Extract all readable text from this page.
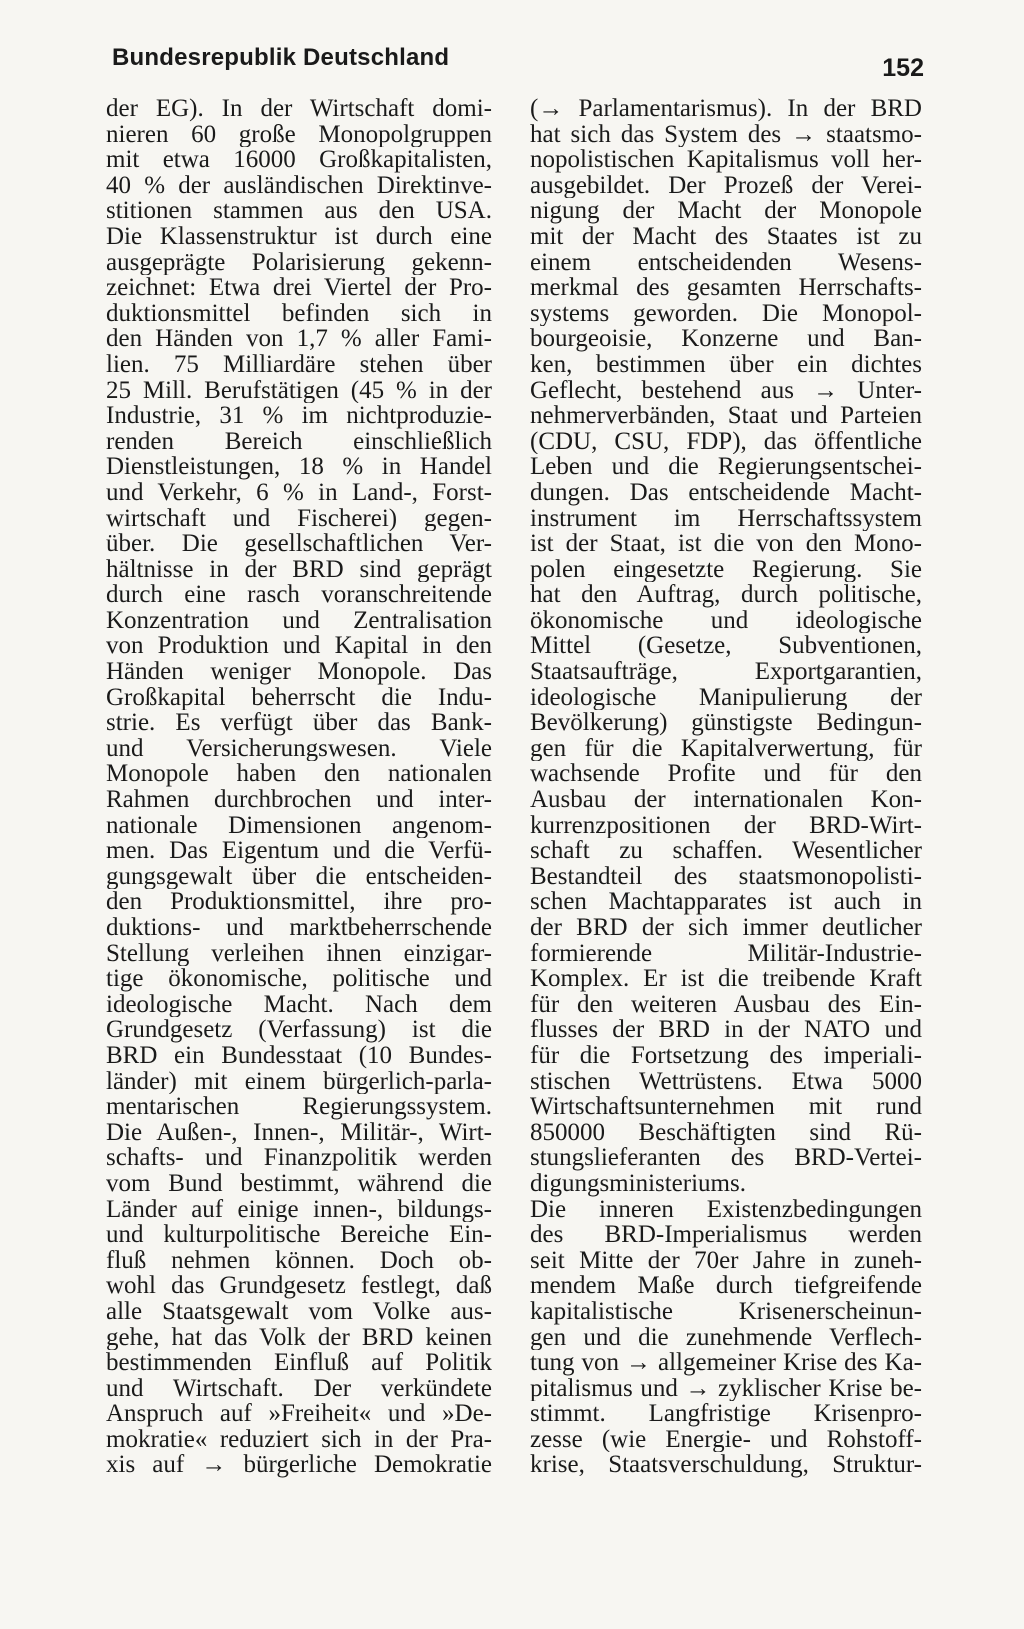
Bundesrepublik Deutschland	152
der EG). In der Wirtschaft domi-
nieren 60 große Monopolgruppen
mit etwa 16000 Großkapitalisten,
40 % der ausländischen Direktinve-
stitionen stammen aus den USA.
Die Klassenstruktur ist durch eine
ausgeprägte Polarisierung gekenn-
zeichnet: Etwa drei Viertel der Pro-
duktionsmittel befinden sich in
den Händen von 1,7 % aller Fami-
lien. 75 Milliardäre stehen über
25 Mill. Berufstätigen (45 % in der
Industrie, 31 % im nichtproduzie-
renden Bereich einschließlich
Dienstleistungen, 18 % in Handel
und Verkehr, 6 % in Land-, Forst-
wirtschaft und Fischerei) gegen-
über. Die gesellschaftlichen Ver-
hältnisse in der BRD sind geprägt
durch eine rasch voranschreitende
Konzentration und Zentralisation
von Produktion und Kapital in den
Händen weniger Monopole. Das
Großkapital beherrscht die Indu-
strie. Es verfügt über das Bank-
und Versicherungswesen. Viele
Monopole haben den nationalen
Rahmen durchbrochen und inter-
nationale Dimensionen angenom-
men. Das Eigentum und die Verfü-
gungsgewalt über die entscheiden-
den Produktionsmittel, ihre pro-
duktions- und marktbeherrschende
Stellung verleihen ihnen einzigar-
tige ökonomische, politische und
ideologische Macht. Nach dem
Grundgesetz (Verfassung) ist die
BRD ein Bundesstaat (10 Bundes-
länder) mit einem bürgerlich-parla-
mentarischen Regierungssystem.
Die Außen-, Innen-, Militär-, Wirt-
schafts- und Finanzpolitik werden
vom Bund bestimmt, während die
Länder auf einige innen-, bildungs-
und kulturpolitische Bereiche Ein-
fluß nehmen können. Doch ob-
wohl das Grundgesetz festlegt, daß
alle Staatsgewalt vom Volke aus-
gehe, hat das Volk der BRD keinen
bestimmenden Einfluß auf Politik
und Wirtschaft. Der verkündete
Anspruch auf »Freiheit« und »De-
mokratie« reduziert sich in der Pra-
xis auf → bürgerliche Demokratie
(→ Parlamentarismus). In der BRD
hat sich das System des → staatsmo-
nopolistischen Kapitalismus voll her-
ausgebildet. Der Prozeß der Verei-
nigung der Macht der Monopole
mit der Macht des Staates ist zu
einem entscheidenden Wesens-
merkmal des gesamten Herrschafts-
systems geworden. Die Monopol-
bourgeoisie, Konzerne und Ban-
ken, bestimmen über ein dichtes
Geflecht, bestehend aus → Unter-
nehmerverbänden, Staat und Parteien
(CDU, CSU, FDP), das öffentliche
Leben und die Regierungsentschei-
dungen. Das entscheidende Macht-
instrument im Herrschaftssystem
ist der Staat, ist die von den Mono-
polen eingesetzte Regierung. Sie
hat den Auftrag, durch politische,
ökonomische und ideologische
Mittel (Gesetze, Subventionen,
Staatsaufträge, Exportgarantien,
ideologische Manipulierung der
Bevölkerung) günstigste Bedingun-
gen für die Kapitalverwertung, für
wachsende Profite und für den
Ausbau der internationalen Kon-
kurrenzpositionen der BRD-Wirt-
schaft zu schaffen. Wesentlicher
Bestandteil des staatsmonopolisti-
schen Machtapparates ist auch in
der BRD der sich immer deutlicher
formierende Militär-Industrie-
Komplex. Er ist die treibende Kraft
für den weiteren Ausbau des Ein-
flusses der BRD in der NATO und
für die Fortsetzung des imperiali-
stischen Wettrüstens. Etwa 5000
Wirtschaftsunternehmen mit rund
850000 Beschäftigten sind Rü-
stungslieferanten des BRD-Vertei-
digungsministeriums.
Die inneren Existenzbedingungen
des BRD-Imperialismus werden
seit Mitte der 70er Jahre in zuneh-
mendem Maße durch tiefgreifende
kapitalistische Krisenerscheinun-
gen und die zunehmende Verflech-
tung von → allgemeiner Krise des Ka-
pitalismus und → zyklischer Krise be-
stimmt. Langfristige Krisenpro-
zesse (wie Energie- und Rohstoff-
krise, Staatsverschuldung, Struktur-
